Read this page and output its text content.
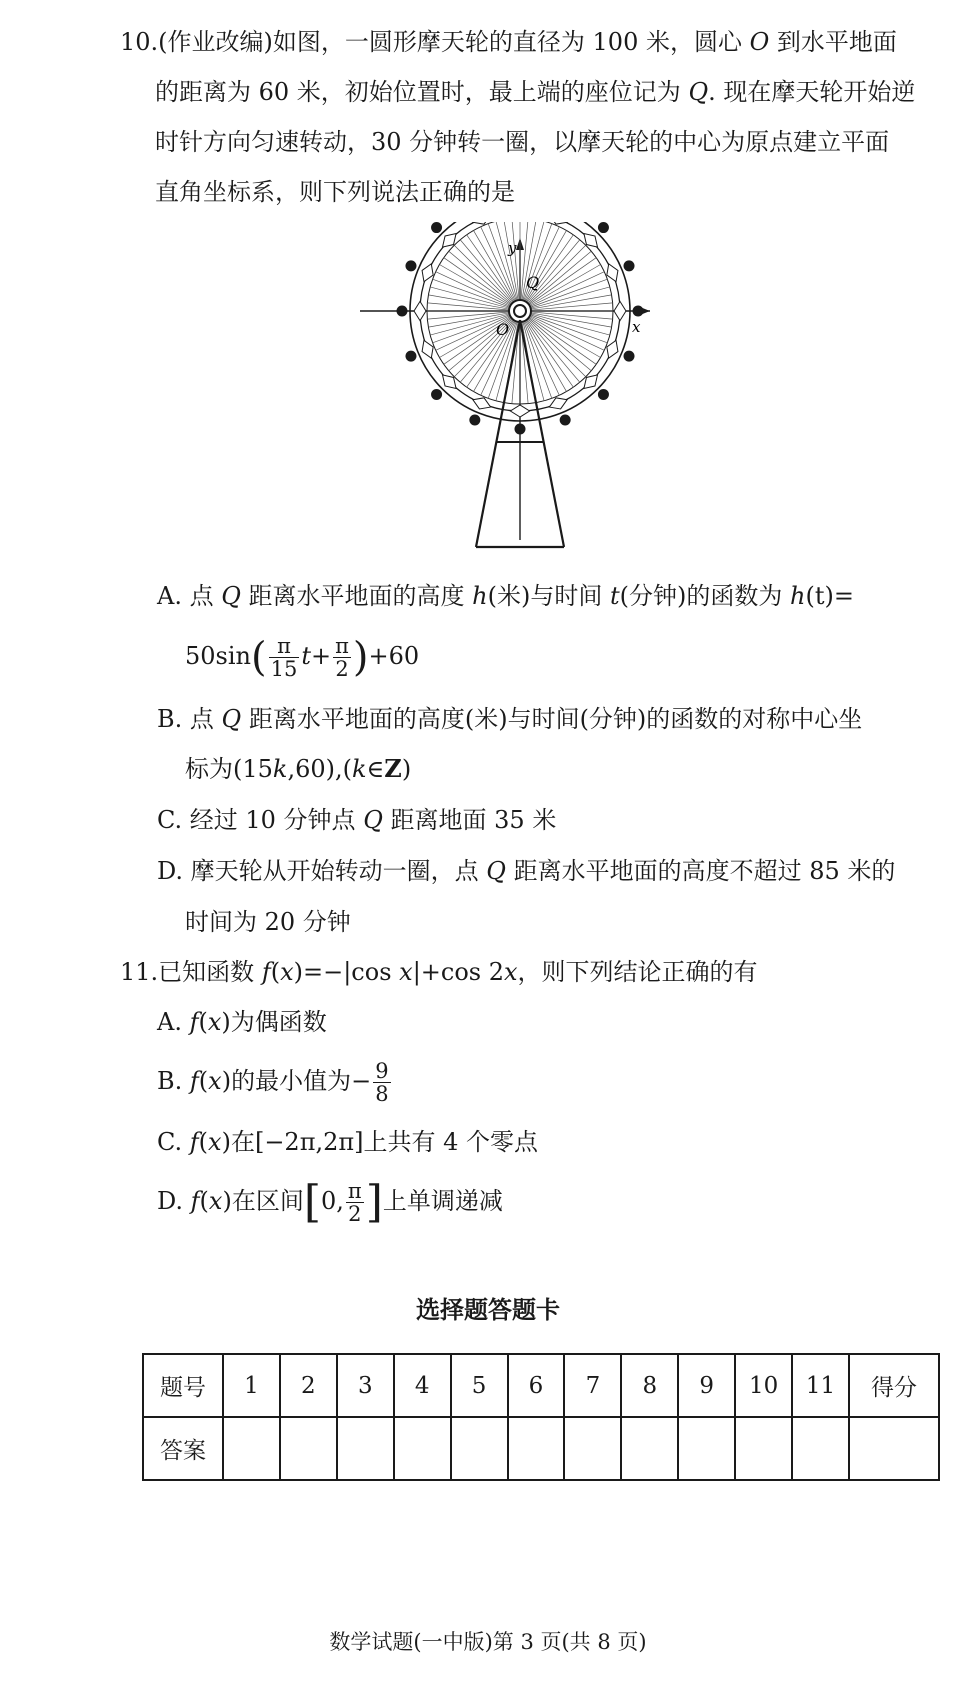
10.(作业改编)如图，一圆形摩天轮的直径为 100 米，圆心 O 到水平地面
的距离为 60 米，初始位置时，最上端的座位记为 Q. 现在摩天轮开始逆
时针方向匀速转动，30 分钟转一圈，以摩天轮的中心为原点建立平面
直角坐标系，则下列说法正确的是
y
x
Q
O
A. 点 Q 距离水平地面的高度 h(米)与时间 t(分钟)的函数为 h(t)=
$50\sin( \frac{\pi}{15} t+ \frac{\pi}{2} )+60$
B. 点 Q 距离水平地面的高度(米)与时间(分钟)的函数的对称中心坐
标为(15k,60),(k∈Z)
C. 经过 10 分钟点 Q 距离地面 35 米
D. 摩天轮从开始转动一圈，点 Q 距离水平地面的高度不超过 85 米的
时间为 20 分钟
11.已知函数 f(x)=−|cos x|+cos 2x，则下列结论正确的有
A. f(x)为偶函数
B. f(x)的最小值为− $\frac{9}{8}$
C. f(x)在[−2π,2π]上共有 4 个零点
D. f(x)在区间[0, $\frac{\pi}{2}$ ]上单调递减
选择题答题卡
题号	1	2	3	4	5	6	7	8	9	10	11	得分
答案												
数学试题(一中版)第 3 页(共 8 页)
